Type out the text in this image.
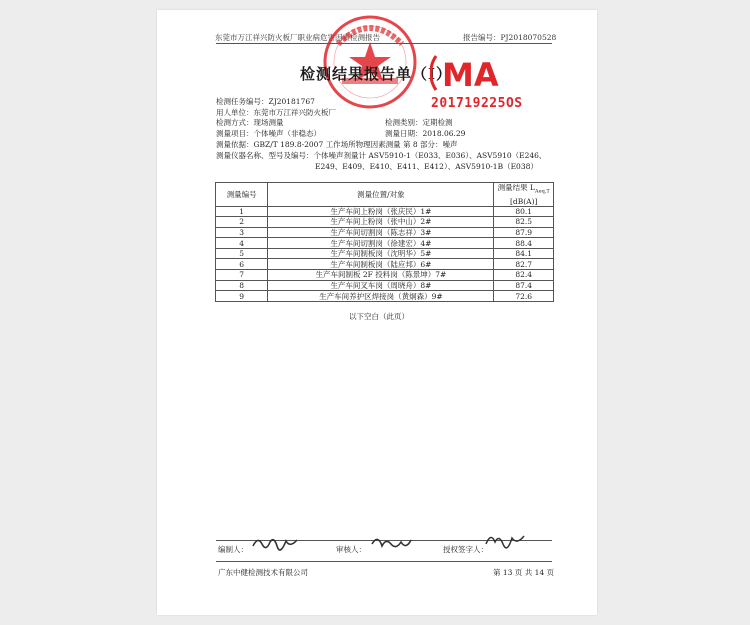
东莞市万江祥兴防火板厂职业病危害因素检测报告	报告编号：PJ2018070528
检测结果报告单（Ⅰ）
MA
201719225OS
检测任务编号：ZJ20181767
用人单位：东莞市万江祥兴防火板厂
检测方式：现场测量	检测类别：定期检测
测量项目：个体噪声（非稳态）	测量日期：2018.06.29
测量依据：GBZ/T 189.8-2007 工作场所物理因素测量 第 8 部分：噪声
测量仪器名称、型号及编号：个体噪声剂量计 ASV5910-1（E033、E036）、ASV5910（E246、
E249、E409、E410、E411、E412）、ASV5910-1B（E038）
测量编号	测量位置/对象	测量结果 $L_{Aeq,T}$
[dB(A)]
1	生产车间上粉岗（张庆民）1#	80.1
2	生产车间上粉岗（张中山）2#	82.5
3	生产车间切割岗（陈志祥）3#	87.9
4	生产车间切割岗（徐建宏）4#	88.4
5	生产车间制板岗（沈明华）5#	84.1
6	生产车间制板岗（陆应邦）6#	82.7
7	生产车间制板 2F 投料岗（陈景坤）7#	82.4
8	生产车间叉车岗（周晓舟）8#	87.4
9	生产车间养护区焊接岗（黄炯森）9#	72.6
以下空白（此页）
编制人：	审核人：	授权签字人：
广东中健检测技术有限公司	第 13 页 共 14 页
